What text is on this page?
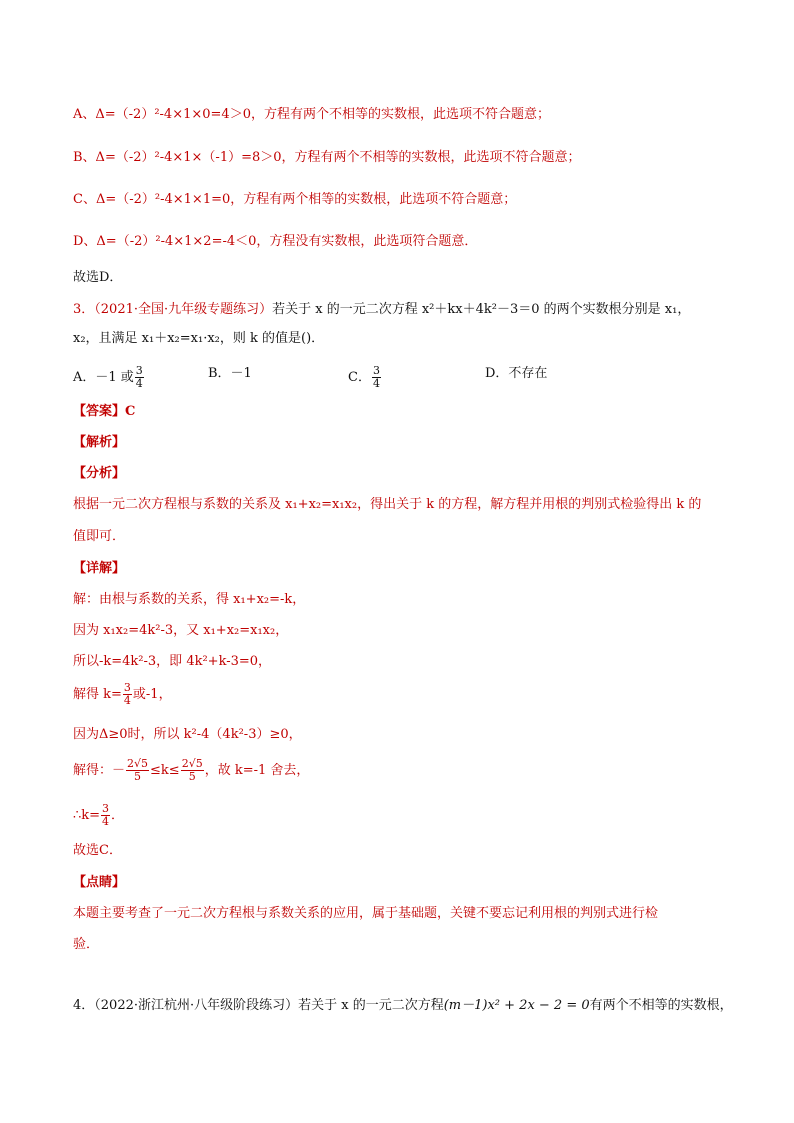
A、Δ=（-2）²-4×1×0=4＞0，方程有两个不相等的实数根，此选项不符合题意；
B、Δ=（-2）²-4×1×（-1）=8＞0，方程有两个不相等的实数根，此选项不符合题意；
C、Δ=（-2）²-4×1×1=0，方程有两个相等的实数根，此选项不符合题意；
D、Δ=（-2）²-4×1×2=-4＜0，方程没有实数根，此选项符合题意．
故选D．
3．（2021·全国·九年级专题练习）若关于 x 的一元二次方程 x²＋kx＋4k²－3＝0 的两个实数根分别是 x₁，
x₂，且满足 x₁＋x₂=x₁·x₂，则 k 的值是()．
A．－1 或 $\frac{3}{4}$	B．－1	C． $\frac{3}{4}$	D．不存在
【答案】C
【解析】
【分析】
根据一元二次方程根与系数的关系及 x₁+x₂=x₁x₂，得出关于 k 的方程，解方程并用根的判别式检验得出 k 的
值即可．
【详解】
解：由根与系数的关系，得 x₁+x₂=-k，
因为 x₁x₂=4k²-3，又 x₁+x₂=x₁x₂，
所以-k=4k²-3，即 4k²+k-3=0，
解得 $k= \frac{3}{4}$ 或-1，
因为Δ≥0时，所以 k²-4（4k²-3）≥0，
解得：－ $\frac{2√5}{5} \le k\le \frac{2√5}{5}$ ，故 k=-1 舍去，
∴k= $\frac{3}{4}$ ．
故选C．
【点睛】
本题主要考查了一元二次方程根与系数关系的应用，属于基础题，关键不要忘记利用根的判别式进行检
验．
4．（2022·浙江杭州·八年级阶段练习）若关于 x 的一元二次方程(m－1)x² + 2x − 2 = 0有两个不相等的实数根，
